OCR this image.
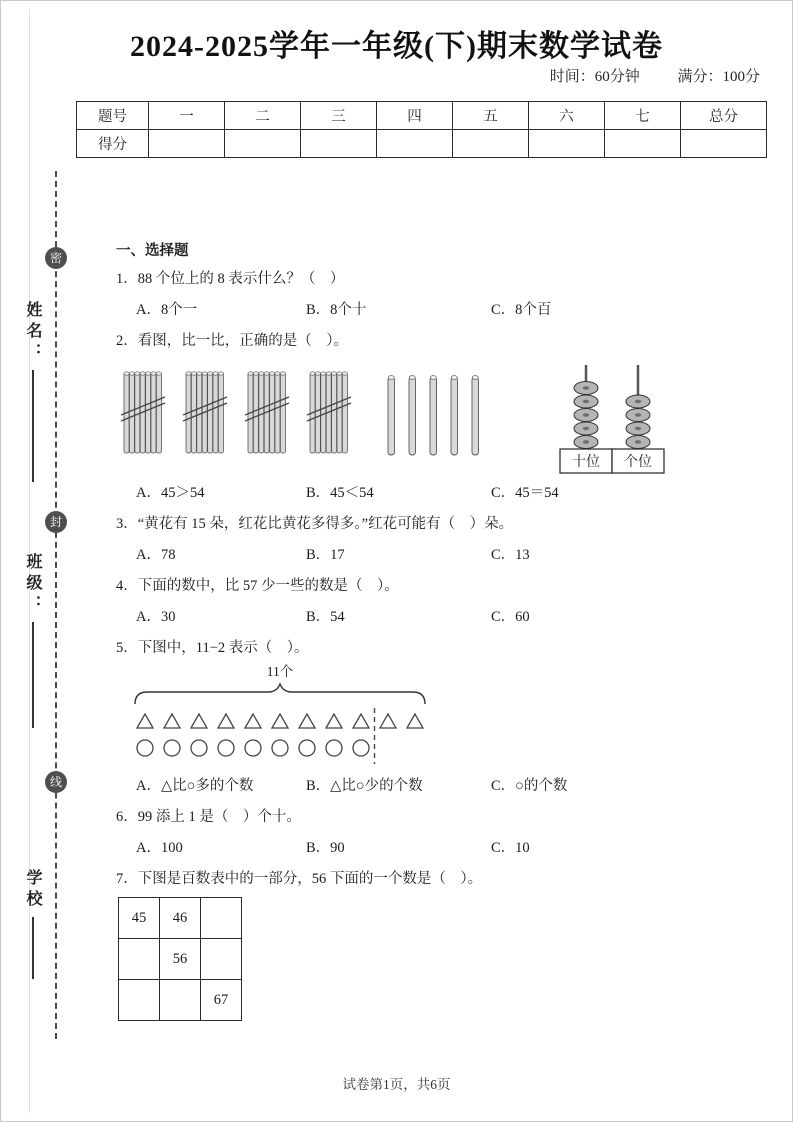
2024-2025学年一年级(下)期末数学试卷
时间：60分钟	满分：100分
题号	一	二	三	四	五	六	七	总分
得分								
密
封
线
姓名：
班级：
学校
一、选择题
1．88 个位上的 8 表示什么？（　）
A．8个一	B．8个十	C．8个百
2．看图，比一比，正确的是（　）。
十位 个位
A．45＞54	B．45＜54	C．45＝54
3．“黄花有 15 朵，红花比黄花多得多。”红花可能有（　）朵。
A．78	B．17	C．13
4．下面的数中，比 57 少一些的数是（　）。
A．30	B．54	C．60
5．下图中，11−2 表示（　）。
11个
A．△比○多的个数	B．△比○少的个数	C．○的个数
6．99 添上 1 是（　）个十。
A．100	B．90	C．10
7．下图是百数表中的一部分，56 下面的一个数是（　）。
45	46	
	56	
		67
试卷第1页，共6页
